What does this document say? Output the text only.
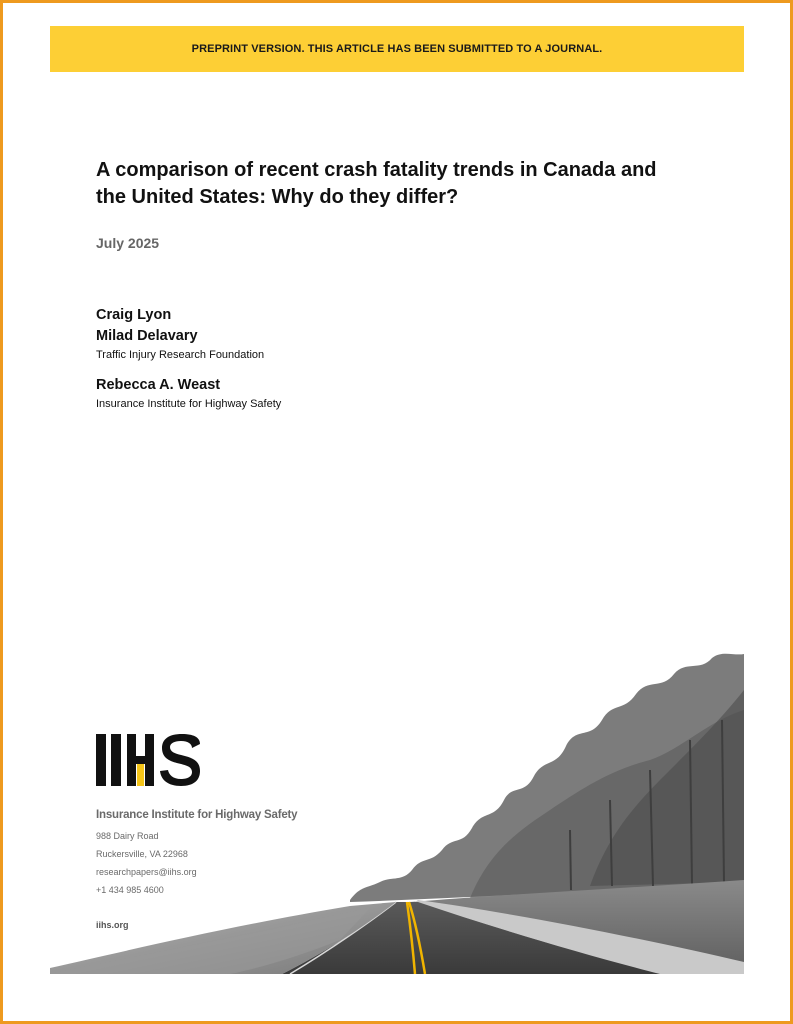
PREPRINT VERSION. THIS ARTICLE HAS BEEN SUBMITTED TO A JOURNAL.
A comparison of recent crash fatality trends in Canada and
the United States: Why do they differ?
July 2025
Craig Lyon
Milad Delavary
Traffic Injury Research Foundation
Rebecca A. Weast
Insurance Institute for Highway Safety
Insurance Institute for Highway Safety
988 Dairy Road
Ruckersville, VA 22968
researchpapers@iihs.org
+1 434 985 4600
iihs.org
